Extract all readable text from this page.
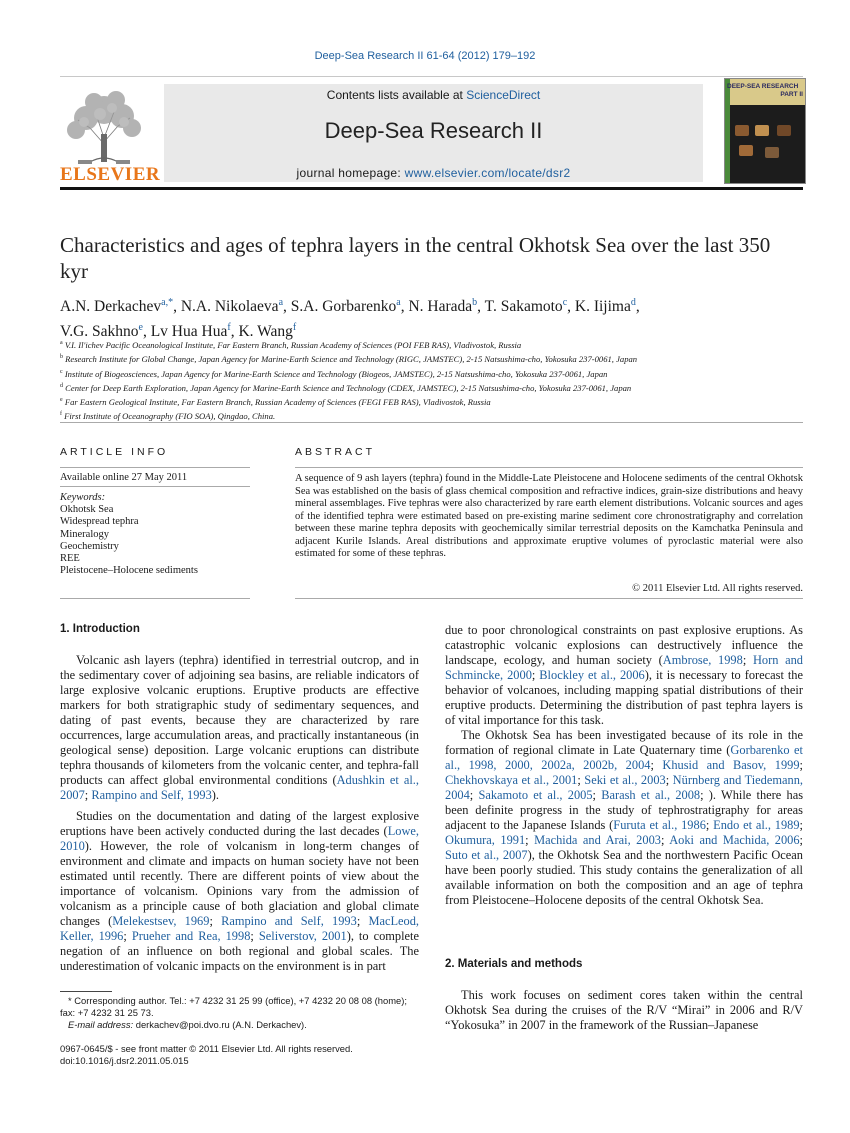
Deep-Sea Research II 61-64 (2012) 179–192
ELSEVIER
Contents lists available at ScienceDirect
Deep-Sea Research II
journal homepage: www.elsevier.com/locate/dsr2
DEEP-SEA RESEARCH
PART II
Characteristics and ages of tephra layers in the central Okhotsk Sea over the last 350 kyr
A.N. Derkachev$^{a,*}$, N.A. Nikolaeva$^a$, S.A. Gorbarenko$^a$, N. Harada$^b$, T. Sakamoto$^c$, K. Iijima$^d$,
V.G. Sakhno$^e$, Lv Hua Hua$^f$, K. Wang$^f$
$^a$ V.I. Il'ichev Pacific Oceanological Institute, Far Eastern Branch, Russian Academy of Sciences (POI FEB RAS), Vladivostok, Russia
$^b$ Research Institute for Global Change, Japan Agency for Marine-Earth Science and Technology (RIGC, JAMSTEC), 2-15 Natsushima-cho, Yokosuka 237-0061, Japan
$^c$ Institute of Biogeosciences, Japan Agency for Marine-Earth Science and Technology (Biogeos, JAMSTEC), 2-15 Natsushima-cho, Yokosuka 237-0061, Japan
$^d$ Center for Deep Earth Exploration, Japan Agency for Marine-Earth Science and Technology (CDEX, JAMSTEC), 2-15 Natsushima-cho, Yokosuka 237-0061, Japan
$^e$ Far Eastern Geological Institute, Far Eastern Branch, Russian Academy of Sciences (FEGI FEB RAS), Vladivostok, Russia
$^f$ First Institute of Oceanography (FIO SOA), Qingdao, China.
ARTICLE INFO	ABSTRACT
Available online 27 May 2011
Keywords:
Okhotsk Sea
Widespread tephra
Mineralogy
Geochemistry
REE
Pleistocene–Holocene sediments
A sequence of 9 ash layers (tephra) found in the Middle-Late Pleistocene and Holocene sediments of the central Okhotsk Sea was established on the basis of glass chemical composition and refractive indices, grain-size distributions and heavy mineral assemblages. Five tephras were also characterized by rare earth element distributions. Volcanic sources and ages of the identified tephra were estimated based on pre-existing marine sediment core chronostratigraphy and correlation between these marine tephra deposits with geochemically similar terrestrial deposits on the Kamchatka Peninsula and adjacent Kurile Islands. Areal distributions and approximate eruptive volumes of pyroclastic material were also estimated for some of these tephras.
© 2011 Elsevier Ltd. All rights reserved.
1. Introduction

Volcanic ash layers (tephra) identified in terrestrial outcrop, and in the sedimentary cover of adjoining sea basins, are reliable indicators of large explosive volcanic eruptions. Eruptive products are effective markers for both stratigraphic study of sedimentary sequences, and dating of past events, because they are characterized by rare occurrences, large accumulation areas, and practically instantaneous (in geological sense) deposition. Large volcanic eruptions can distribute tephra thousands of kilometers from the volcanic center, and tephra-fall products can affect global environmental conditions (Adushkin et al., 2007; Rampino and Self, 1993).

Studies on the documentation and dating of the largest explosive eruptions have been actively conducted during the last decades (Lowe, 2010). However, the role of volcanism in long-term changes of environment and climate and impacts on human society have not been estimated until recently. There are different points of view about the importance of volcanism. Opinions vary from the admission of volcanism as a principle cause of both glaciation and global climate changes (Melekestsev, 1969; Rampino and Self, 1993; MacLeod, Keller, 1996; Prueher and Rea, 1998; Seliverstov, 2001), to complete negation of an influence on both regional and global scales. The underestimation of volcanic impacts on the environment is in part

due to poor chronological constraints on past explosive eruptions. As catastrophic volcanic explosions can destructively influence the landscape, ecology, and human society (Ambrose, 1998; Horn and Schmincke, 2000; Blockley et al., 2006), it is necessary to forecast the behavior of volcanoes, including mapping spatial distributions of their eruptive products. Determining the distribution of past tephra layers is of vital importance for this task.

The Okhotsk Sea has been investigated because of its role in the formation of regional climate in Late Quaternary time (Gorbarenko et al., 1998, 2000, 2002a, 2002b, 2004; Khusid and Basov, 1999; Chekhovskaya et al., 2001; Seki et al., 2003; Nürnberg and Tiedemann, 2004; Sakamoto et al., 2005; Barash et al., 2008; ). While there has been definite progress in the study of tephrostratigraphy for areas adjacent to the Japanese Islands (Furuta et al., 1986; Endo et al., 1989; Okumura, 1991; Machida and Arai, 2003; Aoki and Machida, 2006; Suto et al., 2007), the Okhotsk Sea and the northwestern Pacific Ocean have been poorly studied. This study contains the generalization of all available information on both the composition and an age of tephra from Pleistocene–Holocene deposits of the central Okhotsk Sea.

2. Materials and methods

This work focuses on sediment cores taken within the central Okhotsk Sea during the cruises of the R/V “Mirai” in 2006 and R/V “Yokosuka” in 2007 in the framework of the Russian–Japanese

* Corresponding author. Tel.: +7 4232 31 25 99 (office), +7 4232 20 08 08 (home); fax: +7 4232 31 25 73.

E-mail address: derkachev@poi.dvo.ru (A.N. Derkachev).

0967-0645/$ - see front matter © 2011 Elsevier Ltd. All rights reserved.
doi:10.1016/j.dsr2.2011.05.015
